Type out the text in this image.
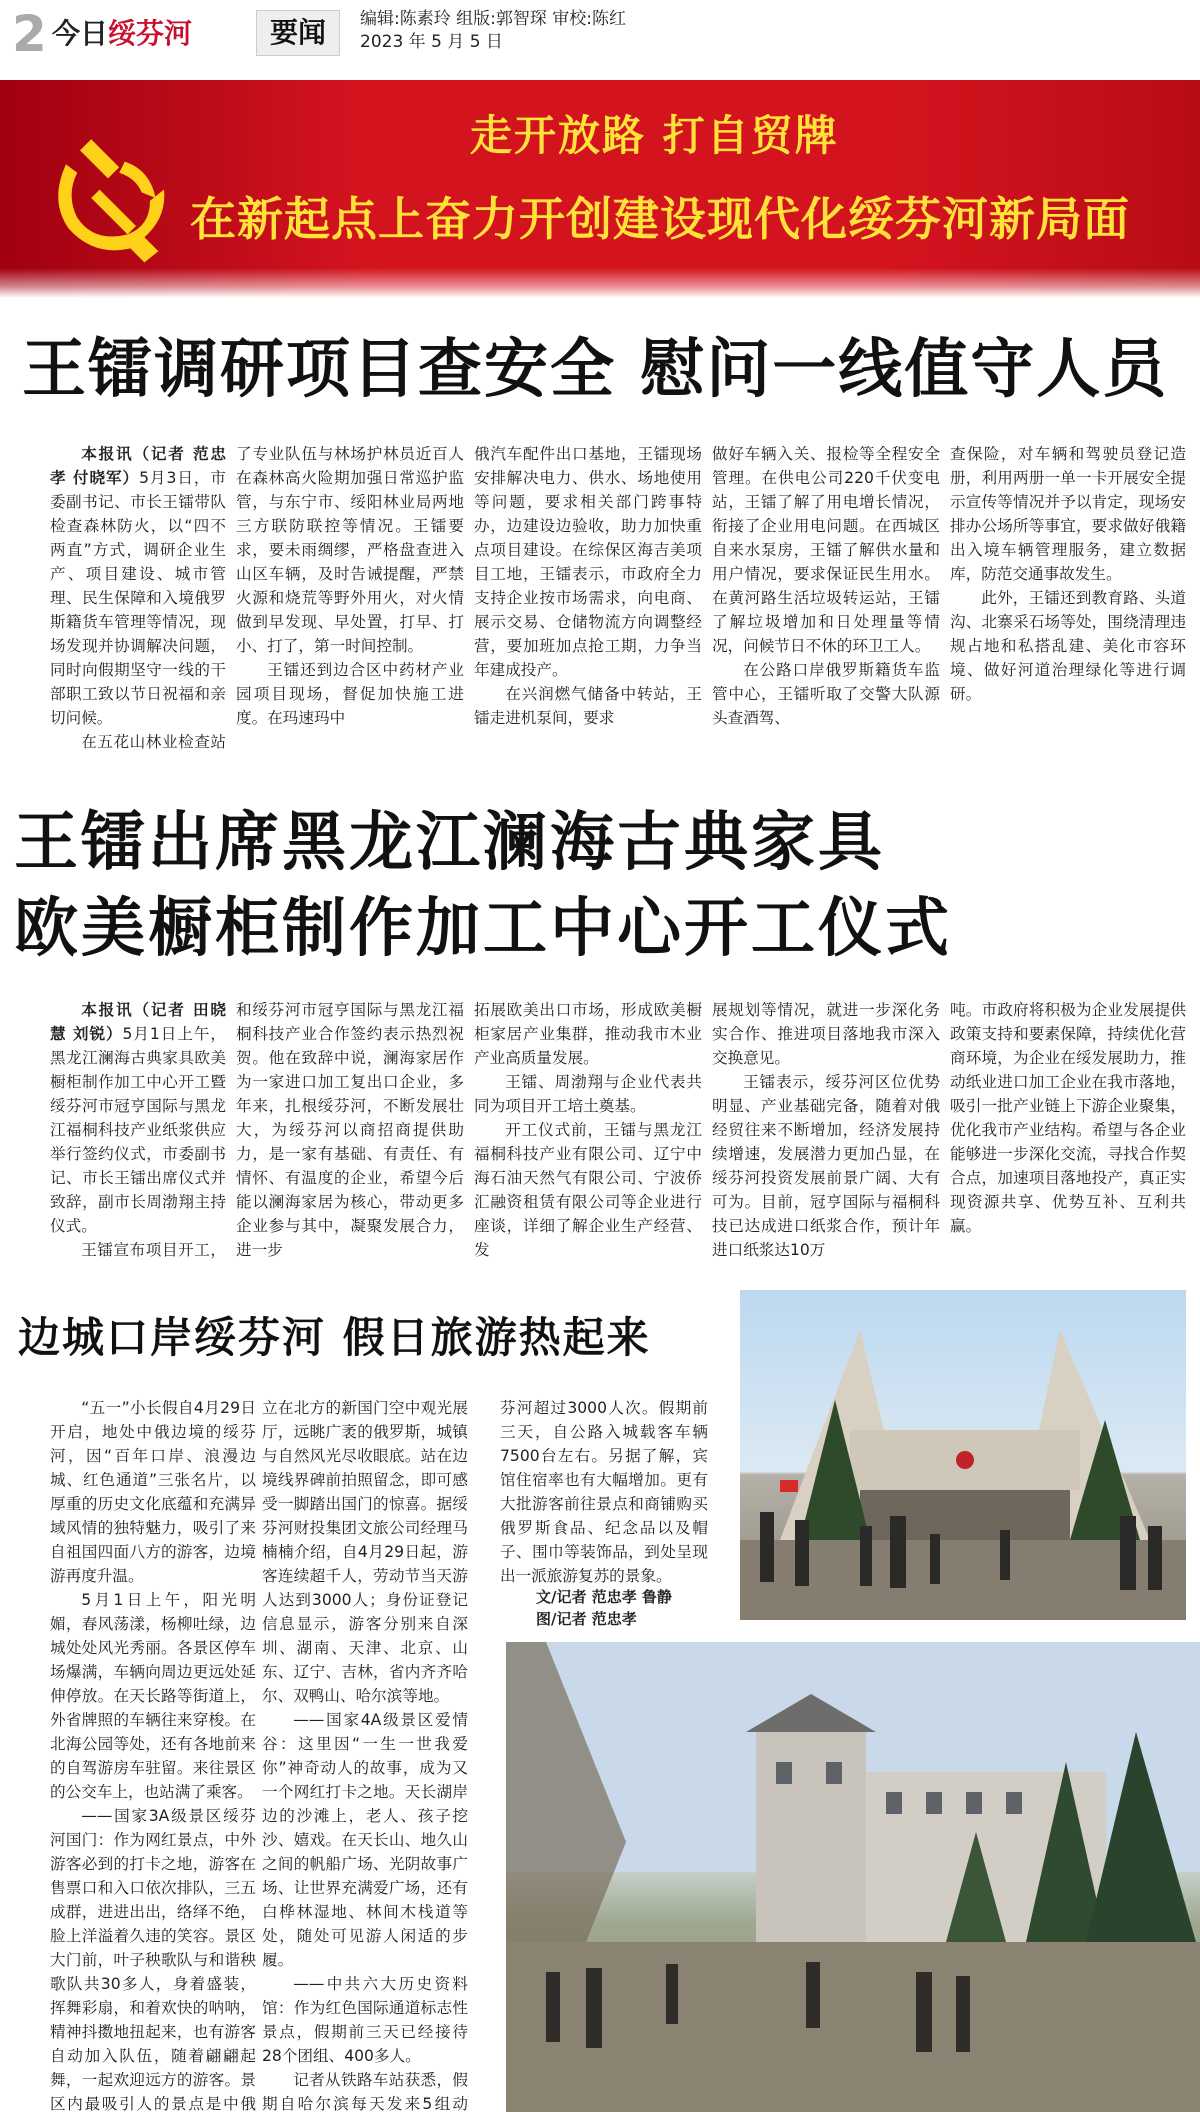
2 今日绥芬河	要闻	编辑:陈素玲 组版:郭智琛 审校:陈红
2023 年 5 月 5 日
走开放路 打自贸牌
在新起点上奋力开创建设现代化绥芬河新局面
王镭调研项目查安全 慰问一线值守人员

本报讯（记者 范忠孝 付晓军）5月3日，市委副书记、市长王镭带队检查森林防火，以“四不两直”方式，调研企业生产、项目建设、城市管理、民生保障和入境俄罗斯籍货车管理等情况，现场发现并协调解决问题，同时向假期坚守一线的干部职工致以节日祝福和亲切问候。

在五花山林业检查站

了专业队伍与林场护林员近百人在森林高火险期加强日常巡护监管，与东宁市、绥阳林业局两地三方联防联控等情况。王镭要求，要未雨绸缪，严格盘查进入山区车辆，及时告诫提醒，严禁火源和烧荒等野外用火，对火情做到早发现、早处置，打早、打小、打了，第一时间控制。

王镭还到边合区中药材产业园项目现场，督促加快施工进度。在玛速玛中

俄汽车配件出口基地，王镭现场安排解决电力、供水、场地使用等问题，要求相关部门跨事特办，边建设边验收，助力加快重点项目建设。在综保区海吉美项目工地，王镭表示，市政府全力支持企业按市场需求，向电商、展示交易、仓储物流方向调整经营，要加班加点抢工期，力争当年建成投产。

在兴润燃气储备中转站，王镭走进机泵间，要求

做好车辆入关、报检等全程安全管理。在供电公司220千伏变电站，王镭了解了用电增长情况，衔接了企业用电问题。在西城区自来水泵房，王镭了解供水量和用户情况，要求保证民生用水。在黄河路生活垃圾转运站，王镭了解垃圾增加和日处理量等情况，问候节日不休的环卫工人。

在公路口岸俄罗斯籍货车监管中心，王镭听取了交警大队源头查酒驾、

查保险，对车辆和驾驶员登记造册，利用两册一单一卡开展安全提示宣传等情况并予以肯定，现场安排办公场所等事宜，要求做好俄籍出入境车辆管理服务，建立数据库，防范交通事故发生。

此外，王镭还到教育路、头道沟、北寨采石场等处，围绕清理违规占地和私搭乱建、美化市容环境、做好河道治理绿化等进行调研。

王镭出席黑龙江澜海古典家具
欧美橱柜制作加工中心开工仪式

本报讯（记者 田晓慧 刘锐）5月1日上午，黑龙江澜海古典家具欧美橱柜制作加工中心开工暨绥芬河市冠亨国际与黑龙江福桐科技产业纸浆供应举行签约仪式，市委副书记、市长王镭出席仪式并致辞，副市长周渤翔主持仪式。

王镭宣布项目开工，

和绥芬河市冠亨国际与黑龙江福桐科技产业合作签约表示热烈祝贺。他在致辞中说，澜海家居作为一家进口加工复出口企业，多年来，扎根绥芬河，不断发展壮大，为绥芬河以商招商提供助力，是一家有基础、有责任、有情怀、有温度的企业，希望今后能以澜海家居为核心，带动更多企业参与其中，凝聚发展合力，进一步

拓展欧美出口市场，形成欧美橱柜家居产业集群，推动我市木业产业高质量发展。

王镭、周渤翔与企业代表共同为项目开工培土奠基。

开工仪式前，王镭与黑龙江福桐科技产业有限公司、辽宁中海石油天然气有限公司、宁波侨汇融资租赁有限公司等企业进行座谈，详细了解企业生产经营、发

展规划等情况，就进一步深化务实合作、推进项目落地我市深入交换意见。

王镭表示，绥芬河区位优势明显、产业基础完备，随着对俄经贸往来不断增加，经济发展持续增速，发展潜力更加凸显，在绥芬河投资发展前景广阔、大有可为。目前，冠亨国际与福桐科技已达成进口纸浆合作，预计年进口纸浆达10万

吨。市政府将积极为企业发展提供政策支持和要素保障，持续优化营商环境，为企业在绥发展助力，推动纸业进口加工企业在我市落地，吸引一批产业链上下游企业聚集，优化我市产业结构。希望与各企业能够进一步深化交流，寻找合作契合点，加速项目落地投产，真正实现资源共享、优势互补、互利共赢。

边城口岸绥芬河 假日旅游热起来

“五一”小长假自4月29日开启，地处中俄边境的绥芬河，因“百年口岸、浪漫边城、红色通道”三张名片，以厚重的历史文化底蕴和充满异域风情的独特魅力，吸引了来自祖国四面八方的游客，边境游再度升温。

5月1日上午，阳光明媚，春风荡漾，杨柳吐绿，边城处处风光秀丽。各景区停车场爆满，车辆向周边更远处延伸停放。在天长路等街道上，外省牌照的车辆往来穿梭。在北海公园等处，还有各地前来的自驾游房车驻留。来往景区的公交车上，也站满了乘客。

——国家3A级景区绥芬河国门：作为网红景点，中外游客必到的打卡之地，游客在售票口和入口依次排队，三五成群，进进出出，络绎不绝，脸上洋溢着久违的笑容。景区大门前，叶子秧歌队与和谐秧歌队共30多人，身着盛装，挥舞彩扇，和着欢快的呐呐，精神抖擞地扭起来，也有游客自动加入队伍，随着翩翩起舞，一起欢迎远方的游客。景区内最吸引人的景点是中俄

立在北方的新国门空中观光展厅，远眺广袤的俄罗斯，城镇与自然风光尽收眼底。站在边境线界碑前拍照留念，即可感受一脚踏出国门的惊喜。据绥芬河财投集团文旅公司经理马楠楠介绍，自4月29日起，游客连续超千人，劳动节当天游人达到3000人；身份证登记信息显示，游客分别来自深圳、湖南、天津、北京、山东、辽宁、吉林，省内齐齐哈尔、双鸭山、哈尔滨等地。

——国家4A级景区爱情谷：这里因“一生一世我爱你”神奇动人的故事，成为又一个网红打卡之地。天长湖岸边的沙滩上，老人、孩子挖沙、嬉戏。在天长山、地久山之间的帆船广场、光阴故事广场、让世界充满爱广场，还有白桦林湿地、林间木栈道等处，随处可见游人闲适的步履。

——中共六大历史资料馆：作为红色国际通道标志性景点，假期前三天已经接待28个团组、400多人。

记者从铁路车站获悉，假期自哈尔滨每天发来5组动

芬河超过3000人次。假期前三天，自公路入城载客车辆7500台左右。另据了解，宾馆住宿率也有大幅增加。更有大批游客前往景点和商铺购买俄罗斯食品、纪念品以及帽子、围巾等装饰品，到处呈现出一派旅游复苏的景象。

文/记者 范忠孝 鲁静
图/记者 范忠孝
